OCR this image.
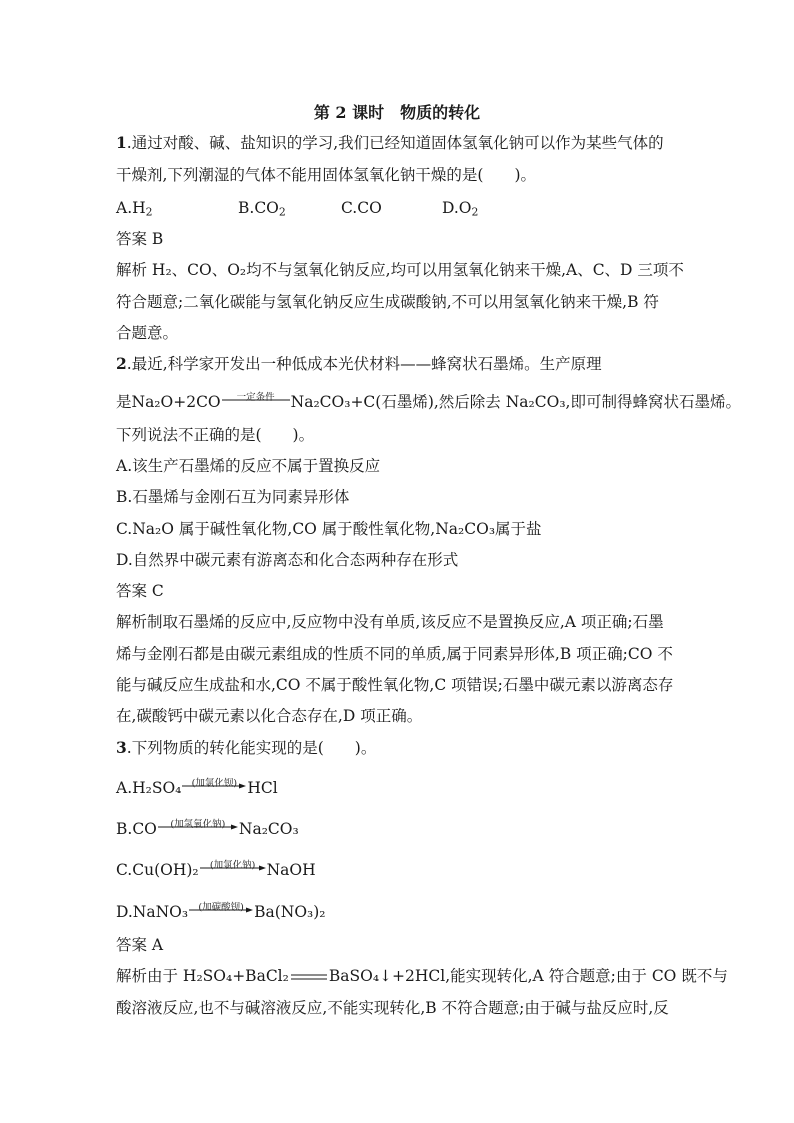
第 2 课时　物质的转化
1.通过对酸、碱、盐知识的学习,我们已经知道固体氢氧化钠可以作为某些气体的
干燥剂,下列潮湿的气体不能用固体氢氧化钠干燥的是(　　)。
$A.H_2$	$B.CO_2$	C.CO	$D.O_2$
答案 B
解析 H₂、CO、O₂均不与氢氧化钠反应,均可以用氢氧化钠来干燥,A、C、D 三项不
符合题意;二氧化碳能与氢氧化钠反应生成碳酸钠,不可以用氢氧化钠来干燥,B 符
合题意。
2.最近,科学家开发出一种低成本光伏材料——蜂窝状石墨烯。生产原理
是Na₂O+2CO	一定条件	Na₂CO₃+C(石墨烯),然后除去 Na₂CO₃,即可制得蜂窝状石墨烯。
下列说法不正确的是(　　)。
A.该生产石墨烯的反应不属于置换反应
B.石墨烯与金刚石互为同素异形体
C.Na₂O 属于碱性氧化物,CO 属于酸性氧化物,Na₂CO₃属于盐
D.自然界中碳元素有游离态和化合态两种存在形式
答案 C
解析制取石墨烯的反应中,反应物中没有单质,该反应不是置换反应,A 项正确;石墨
烯与金刚石都是由碳元素组成的性质不同的单质,属于同素异形体,B 项正确;CO 不
能与碱反应生成盐和水,CO 不属于酸性氧化物,C 项错误;石墨中碳元素以游离态存
在,碳酸钙中碳元素以化合态存在,D 项正确。
3.下列物质的转化能实现的是(　　)。
A.H₂SO₄	(加氯化钡) HCl
B.CO	(加氢氧化钠) Na₂CO₃
C.Cu(OH)₂	(加氯化钠) NaOH
D.NaNO₃	(加碳酸钡) Ba(NO₃)₂
答案 A
解析由于 H₂SO₄+BaCl₂	BaSO₄↓+2HCl,能实现转化,A 符合题意;由于 CO 既不与
酸溶液反应,也不与碱溶液反应,不能实现转化,B 不符合题意;由于碱与盐反应时,反
